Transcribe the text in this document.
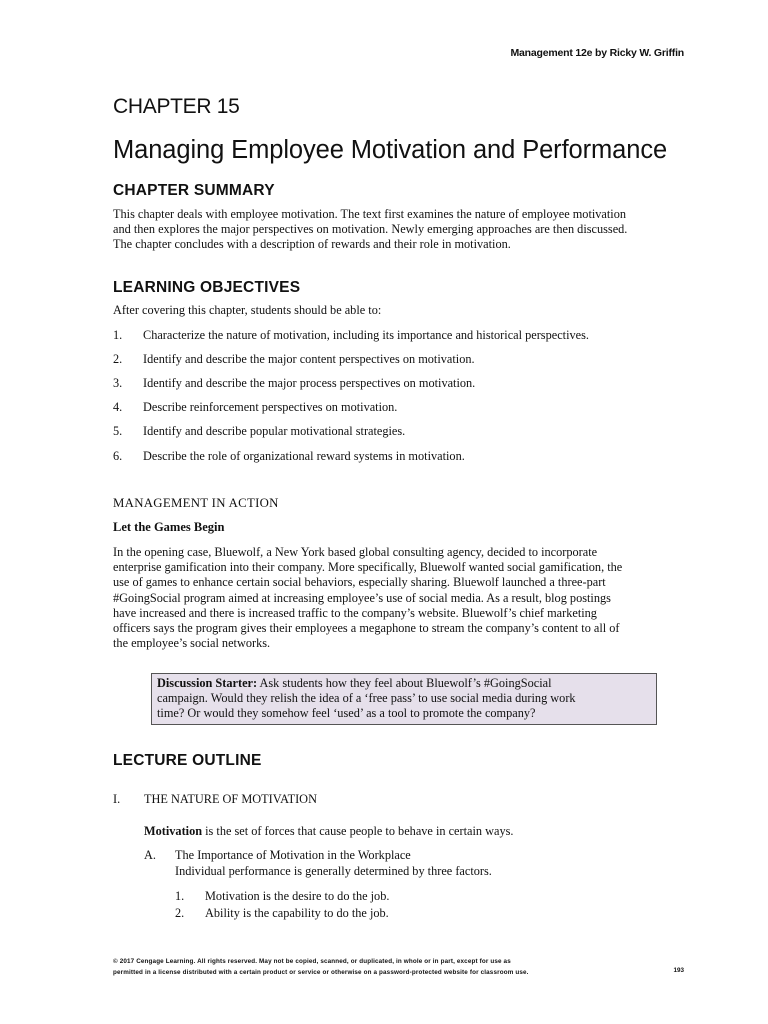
Management 12e by Ricky W. Griffin
CHAPTER 15
Managing Employee Motivation and Performance
CHAPTER SUMMARY
This chapter deals with employee motivation. The text first examines the nature of employee motivation
and then explores the major perspectives on motivation. Newly emerging approaches are then discussed.
The chapter concludes with a description of rewards and their role in motivation.
LEARNING OBJECTIVES
After covering this chapter, students should be able to:
1. Characterize the nature of motivation, including its importance and historical perspectives.
2. Identify and describe the major content perspectives on motivation.
3. Identify and describe the major process perspectives on motivation.
4. Describe reinforcement perspectives on motivation.
5. Identify and describe popular motivational strategies.
6. Describe the role of organizational reward systems in motivation.
MANAGEMENT IN ACTION
Let the Games Begin
In the opening case, Bluewolf, a New York based global consulting agency, decided to incorporate
enterprise gamification into their company. More specifically, Bluewolf wanted social gamification, the
use of games to enhance certain social behaviors, especially sharing. Bluewolf launched a three-part
#GoingSocial program aimed at increasing employee’s use of social media. As a result, blog postings
have increased and there is increased traffic to the company’s website. Bluewolf’s chief marketing
officers says the program gives their employees a megaphone to stream the company’s content to all of
the employee’s social networks.
Discussion Starter: Ask students how they feel about Bluewolf’s #GoingSocial
campaign. Would they relish the idea of a ‘free pass’ to use social media during work
time? Or would they somehow feel ‘used’ as a tool to promote the company?
LECTURE OUTLINE
I. THE NATURE OF MOTIVATION
Motivation is the set of forces that cause people to behave in certain ways.
A. The Importance of Motivation in the Workplace
Individual performance is generally determined by three factors.
1. Motivation is the desire to do the job.
2. Ability is the capability to do the job.
© 2017 Cengage Learning. All rights reserved. May not be copied, scanned, or duplicated, in whole or in part, except for use as
permitted in a license distributed with a certain product or service or otherwise on a password-protected website for classroom use.	193
